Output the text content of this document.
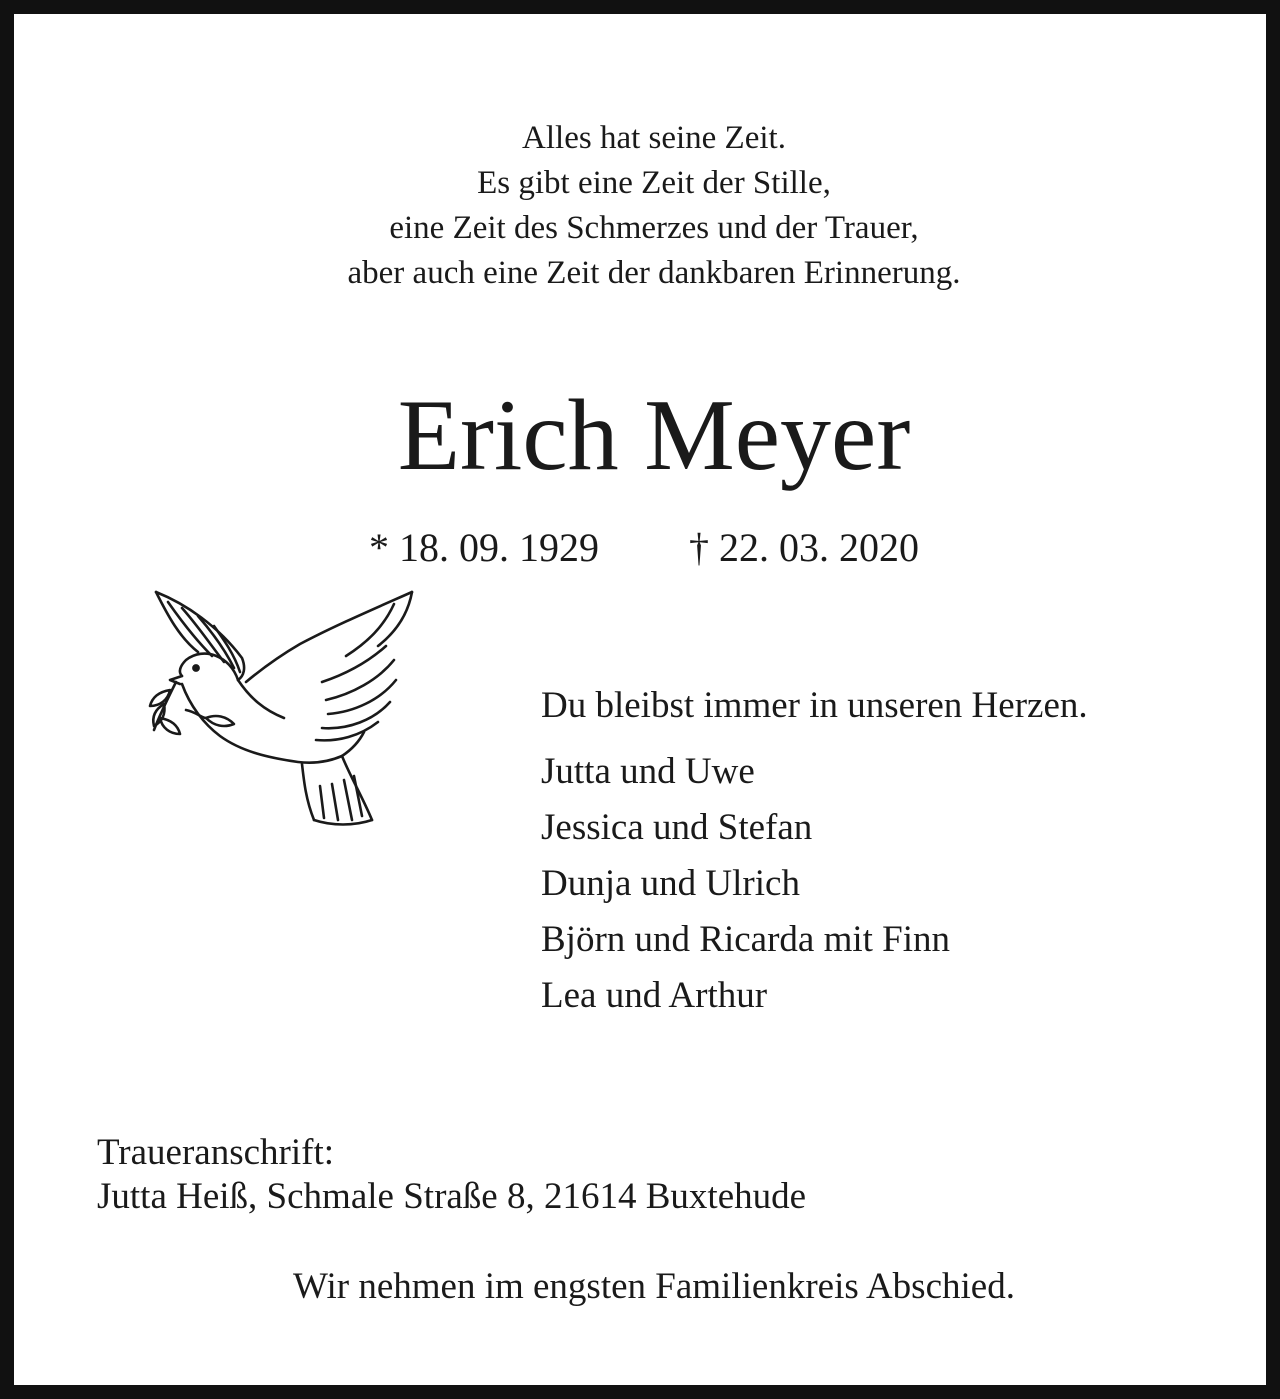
Alles hat seine Zeit.
Es gibt eine Zeit der Stille,
eine Zeit des Schmerzes und der Trauer,
aber auch eine Zeit der dankbaren Erinnerung.
Erich Meyer
* 18. 09. 1929 † 22. 03. 2020
Du bleibst immer in unseren Herzen.
Jutta und Uwe
Jessica und Stefan
Dunja und Ulrich
Björn und Ricarda mit Finn
Lea und Arthur
Traueranschrift:
Jutta Heiß, Schmale Straße 8, 21614 Buxtehude
Wir nehmen im engsten Familienkreis Abschied.
